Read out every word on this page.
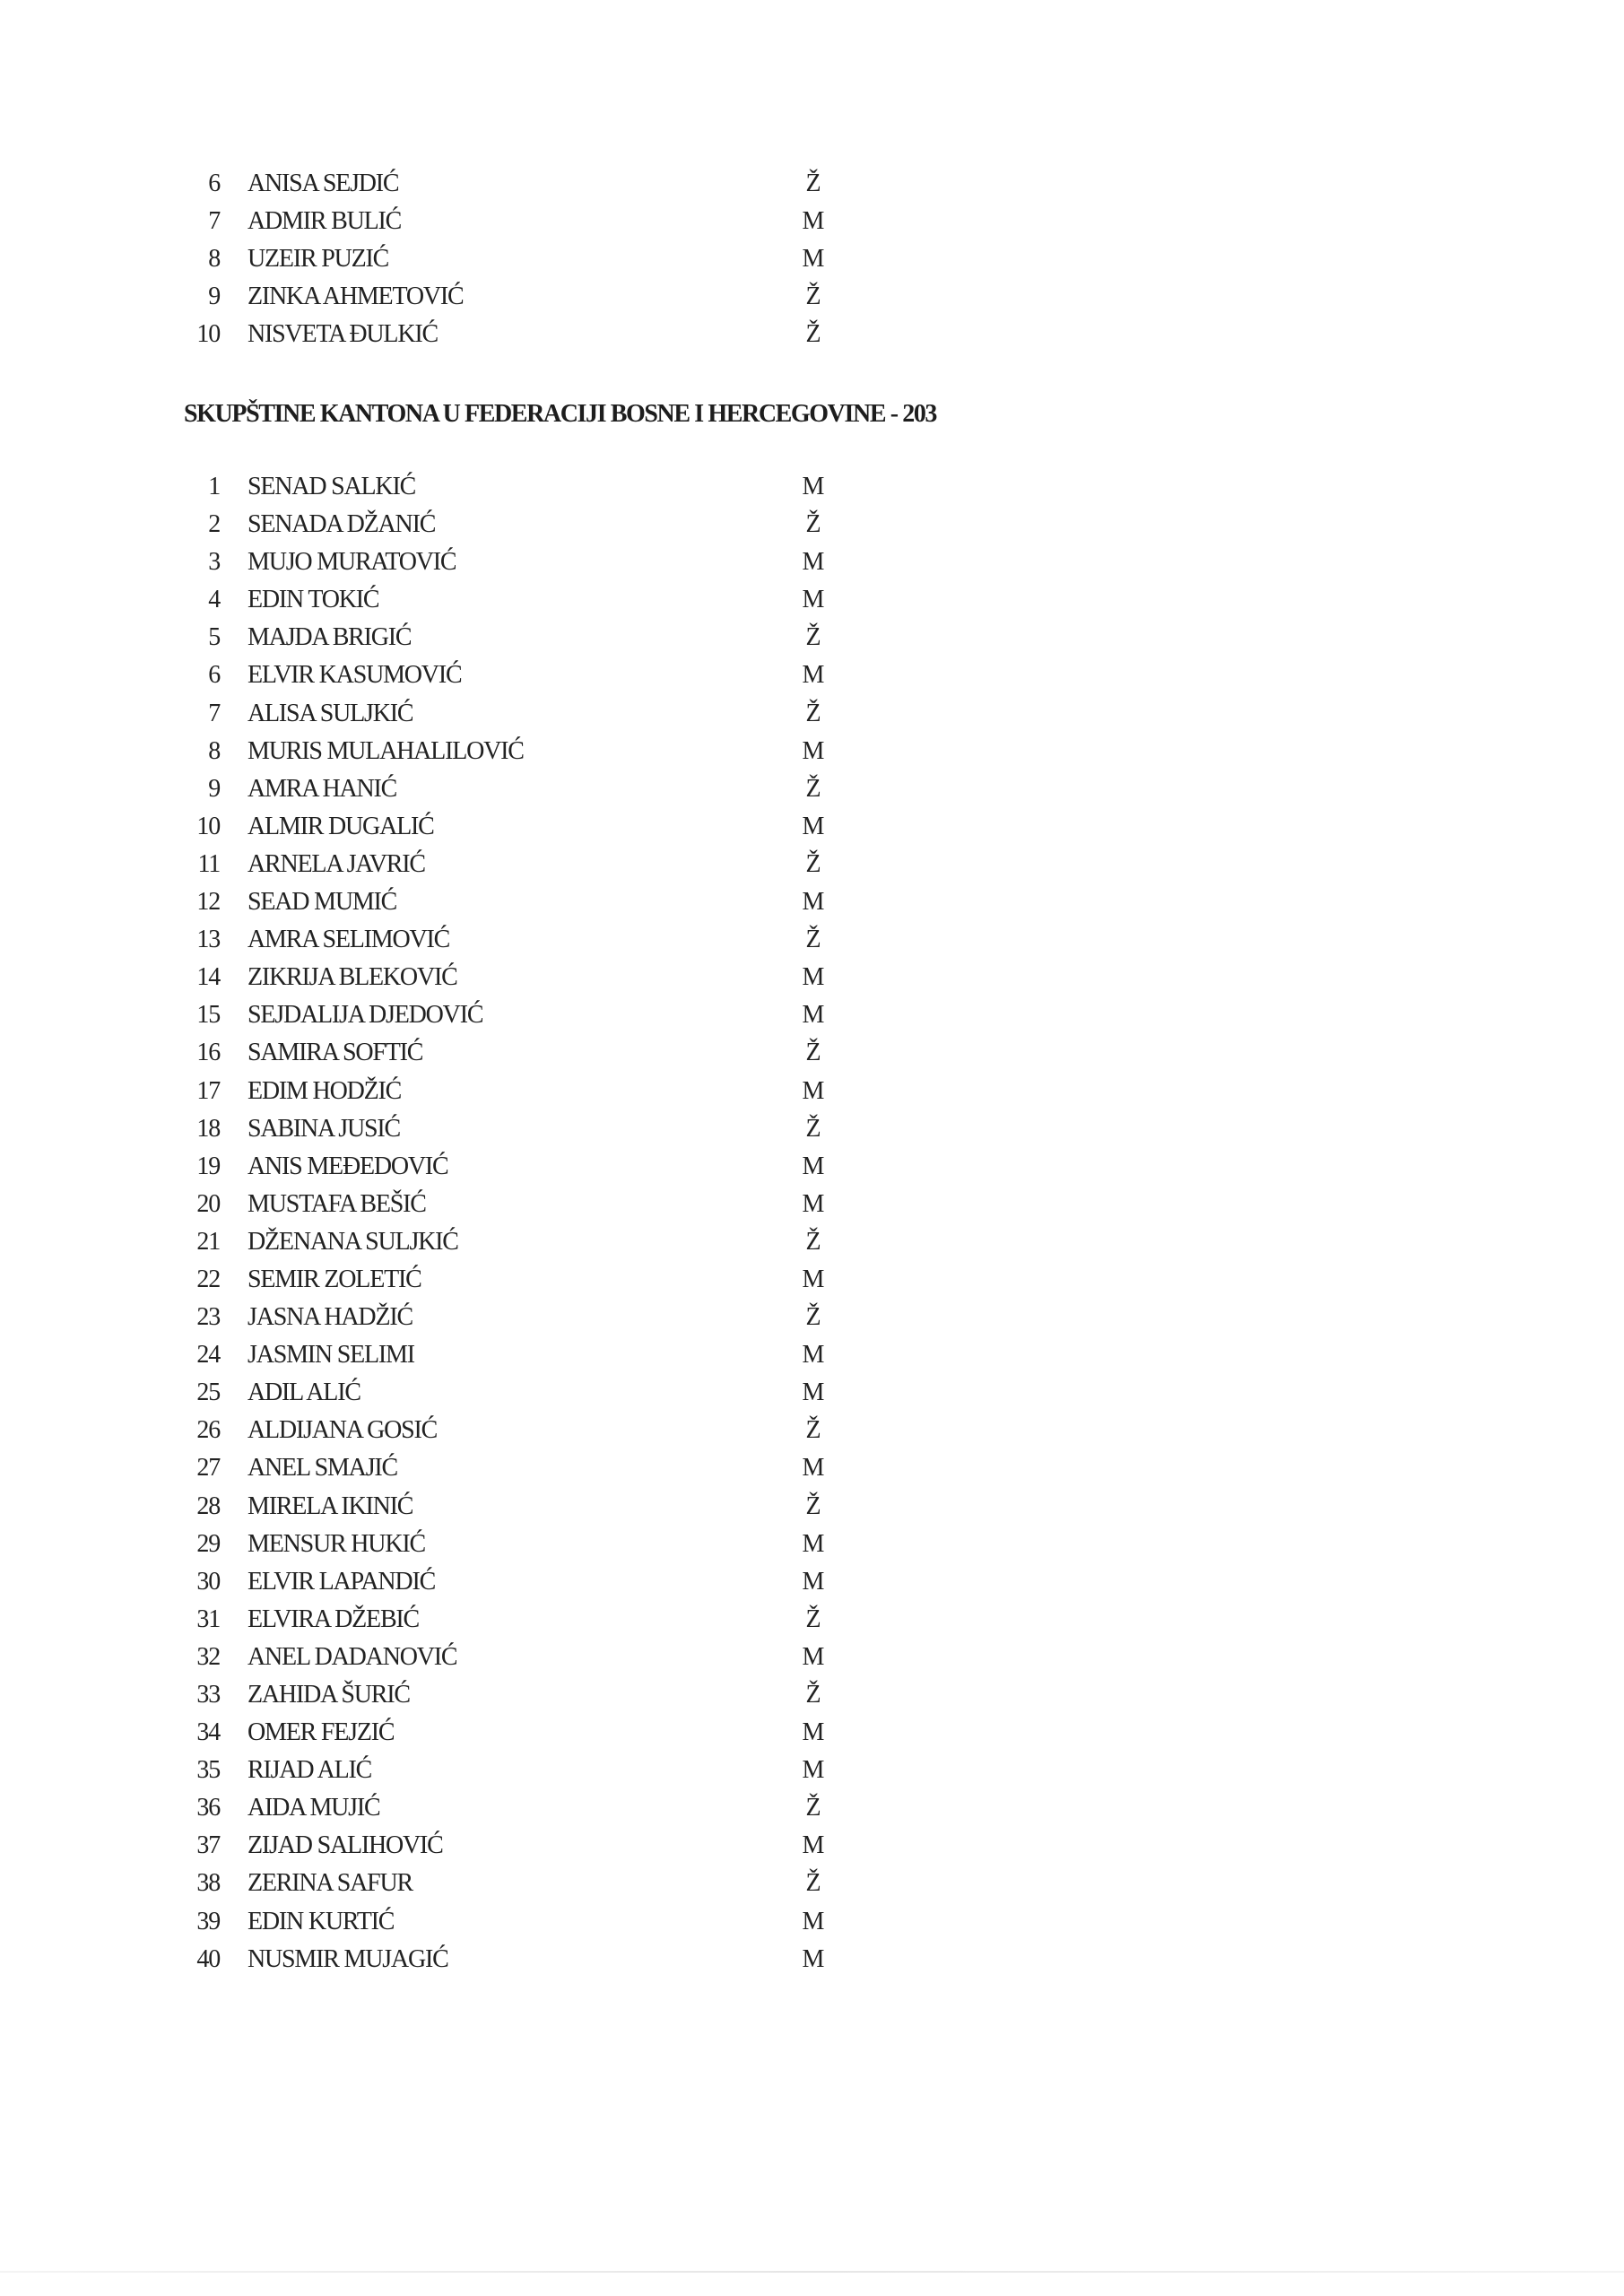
6 ANISA SEJDIĆ	Ž
7 ADMIR BULIĆ	M
8 UZEIR PUZIĆ	M
9 ZINKA AHMETOVIĆ	Ž
10 NISVETA ĐULKIĆ	Ž
SKUPŠTINE KANTONA U FEDERACIJI BOSNE I HERCEGOVINE - 203
1 SENAD SALKIĆ	M
2 SENADA DŽANIĆ	Ž
3 MUJO MURATOVIĆ	M
4 EDIN TOKIĆ	M
5 MAJDA BRIGIĆ	Ž
6 ELVIR KASUMOVIĆ	M
7 ALISA SULJKIĆ	Ž
8 MURIS MULAHALILOVIĆ	M
9 AMRA HANIĆ	Ž
10 ALMIR DUGALIĆ	M
11 ARNELA JAVRIĆ	Ž
12 SEAD MUMIĆ	M
13 AMRA SELIMOVIĆ	Ž
14 ZIKRIJA BLEKOVIĆ	M
15 SEJDALIJA DJEDOVIĆ	M
16 SAMIRA SOFTIĆ	Ž
17 EDIM HODŽIĆ	M
18 SABINA JUSIĆ	Ž
19 ANIS MEĐEDOVIĆ	M
20 MUSTAFA BEŠIĆ	M
21 DŽENANA SULJKIĆ	Ž
22 SEMIR ZOLETIĆ	M
23 JASNA HADŽIĆ	Ž
24 JASMIN SELIMI	M
25 ADIL ALIĆ	M
26 ALDIJANA GOSIĆ	Ž
27 ANEL SMAJIĆ	M
28 MIRELA IKINIĆ	Ž
29 MENSUR HUKIĆ	M
30 ELVIR LAPANDIĆ	M
31 ELVIRA DŽEBIĆ	Ž
32 ANEL DADANOVIĆ	M
33 ZAHIDA ŠURIĆ	Ž
34 OMER FEJZIĆ	M
35 RIJAD ALIĆ	M
36 AIDA MUJIĆ	Ž
37 ZIJAD SALIHOVIĆ	M
38 ZERINA SAFUR	Ž
39 EDIN KURTIĆ	M
40 NUSMIR MUJAGIĆ	M
